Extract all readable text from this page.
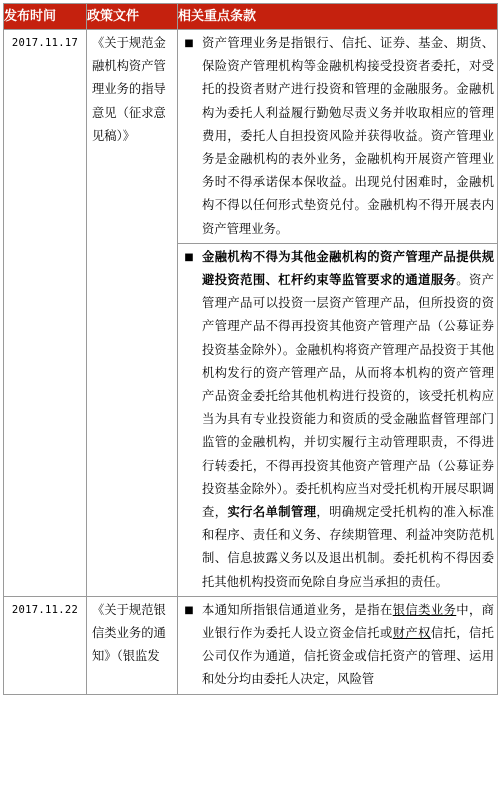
发布时间	政策文件	相关重点条款
2017.11.17	《关于规范金融机构资产管理业务的指导意见（征求意见稿）》	■ 资产管理业务是指银行、信托、证券、基金、期货、保险资产管理机构等金融机构接受投资者委托，对受托的投资者财产进行投资和管理的金融服务。金融机构为委托人利益履行勤勉尽责义务并收取相应的管理费用，委托人自担投资风险并获得收益。资产管理业务是金融机构的表外业务，金融机构开展资产管理业务时不得承诺保本保收益。出现兑付困难时，金融机构不得以任何形式垫资兑付。金融机构不得开展表内资产管理业务。
■ 金融机构不得为其他金融机构的资产管理产品提供规避投资范围、杠杆约束等监管要求的通道服务。资产管理产品可以投资一层资产管理产品，但所投资的资产管理产品不得再投资其他资产管理产品（公募证券投资基金除外）。金融机构将资产管理产品投资于其他机构发行的资产管理产品，从而将本机构的资产管理产品资金委托给其他机构进行投资的，该受托机构应当为具有专业投资能力和资质的受金融监督管理部门监管的金融机构，并切实履行主动管理职责，不得进行转委托，不得再投资其他资产管理产品（公募证券投资基金除外）。委托机构应当对受托机构开展尽职调查，实行名单制管理，明确规定受托机构的准入标准和程序、责任和义务、存续期管理、利益冲突防范机制、信息披露义务以及退出机制。委托机构不得因委托其他机构投资而免除自身应当承担的责任。

2017.11.22	《关于规范银信类业务的通知》（银监发	■ 本通知所指银信通道业务，是指在银信类业务中，商业银行作为委托人设立资金信托或财产权信托，信托公司仅作为通道，信托资金或信托资产的管理、运用和处分均由委托人决定，风险管
